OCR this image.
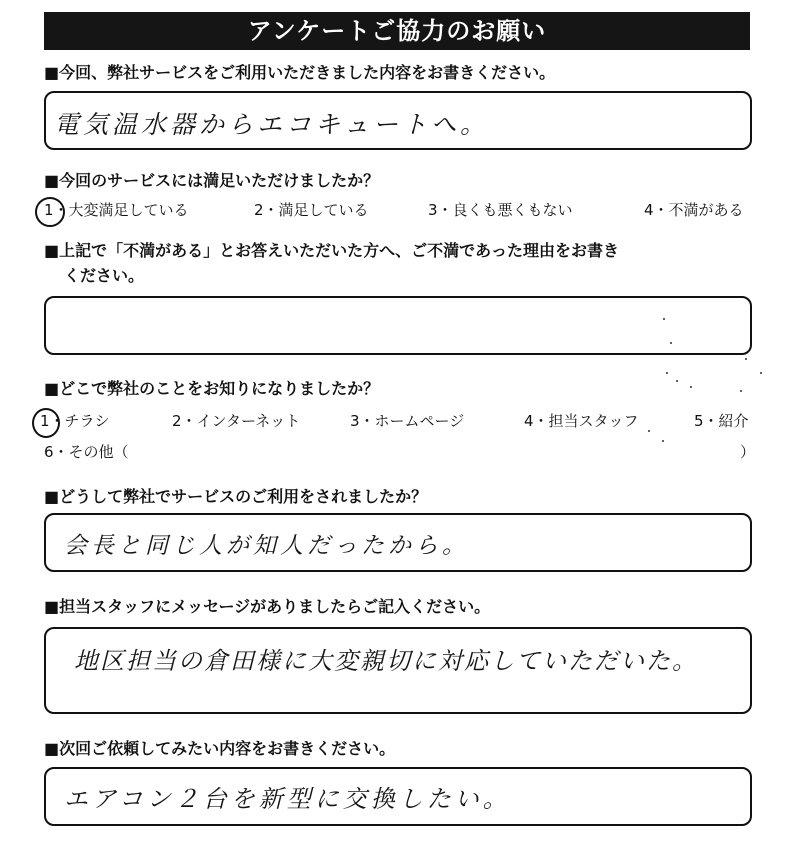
アンケートご協力のお願い
■今回、弊社サービスをご利用いただきました内容をお書きください。
電気温水器からエコキュートへ。
■今回のサービスには満足いただけましたか？
1・大変満足している	2・満足している	3・良くも悪くもない	4・不満がある
■上記で「不満がある」とお答えいただいた方へ、ご不満であった理由をお書き
ください。
■どこで弊社のことをお知りになりましたか？
1・チラシ	2・インターネット	3・ホームページ	4・担当スタッフ	5・紹介
6・その他（	）
■どうして弊社でサービスのご利用をされましたか？
会長と同じ人が知人だったから。
■担当スタッフにメッセージがありましたらご記入ください。
地区担当の倉田様に大変親切に対応していただいた。
■次回ご依頼してみたい内容をお書きください。
エアコン２台を新型に交換したい。
